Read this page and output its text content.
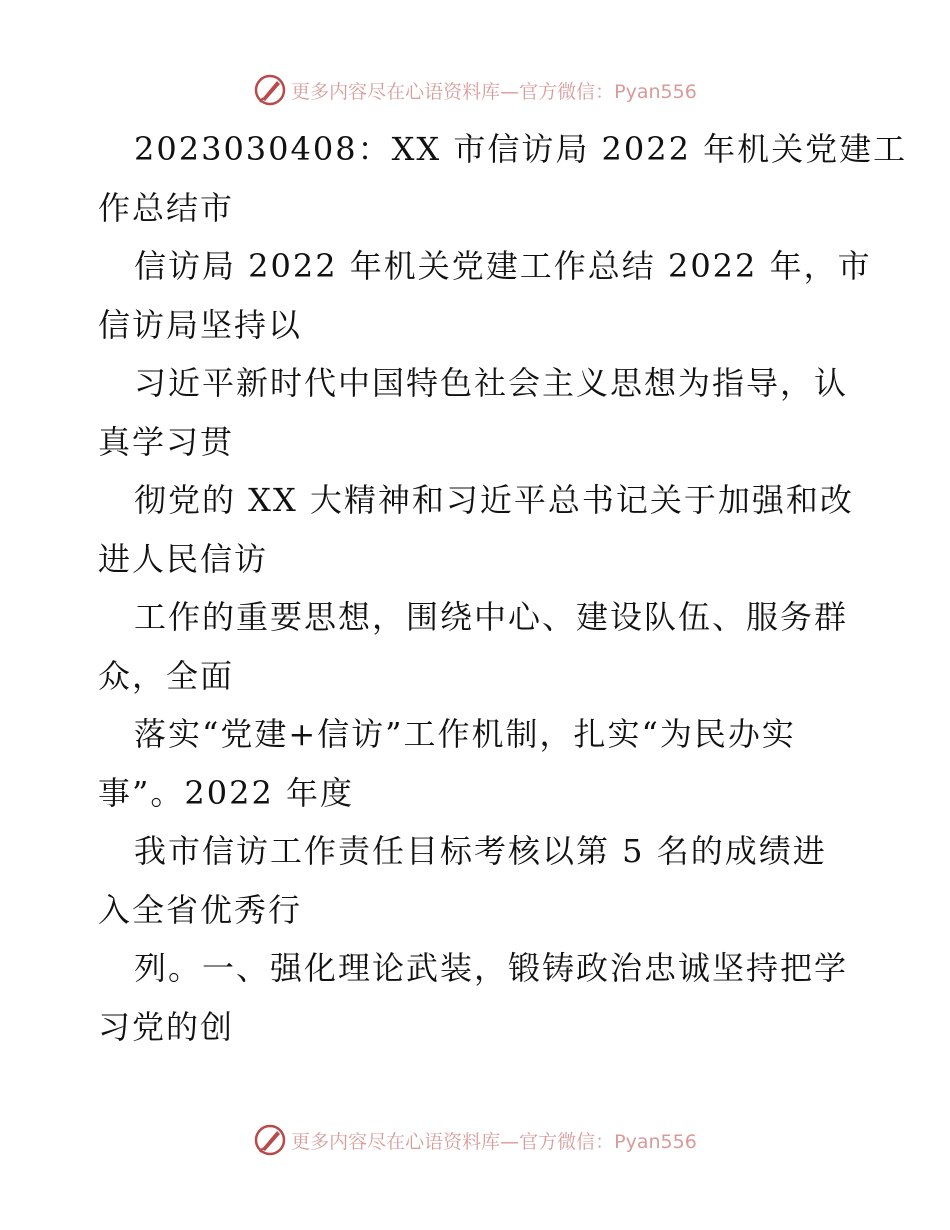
更多内容尽在心语资料库—官方微信：Pyan556
2023030408：XX 市信访局 2022 年机关党建工
作总结市
信访局 2022 年机关党建工作总结 2022 年，市
信访局坚持以
习近平新时代中国特色社会主义思想为指导，认
真学习贯
彻党的 XX 大精神和习近平总书记关于加强和改
进人民信访
工作的重要思想，围绕中心、建设队伍、服务群
众，全面
落实“党建+信访”工作机制，扎实“为民办实
事”。2022 年度
我市信访工作责任目标考核以第 5 名的成绩进
入全省优秀行
列。一、强化理论武装，锻铸政治忠诚坚持把学
习党的创
更多内容尽在心语资料库—官方微信：Pyan556
